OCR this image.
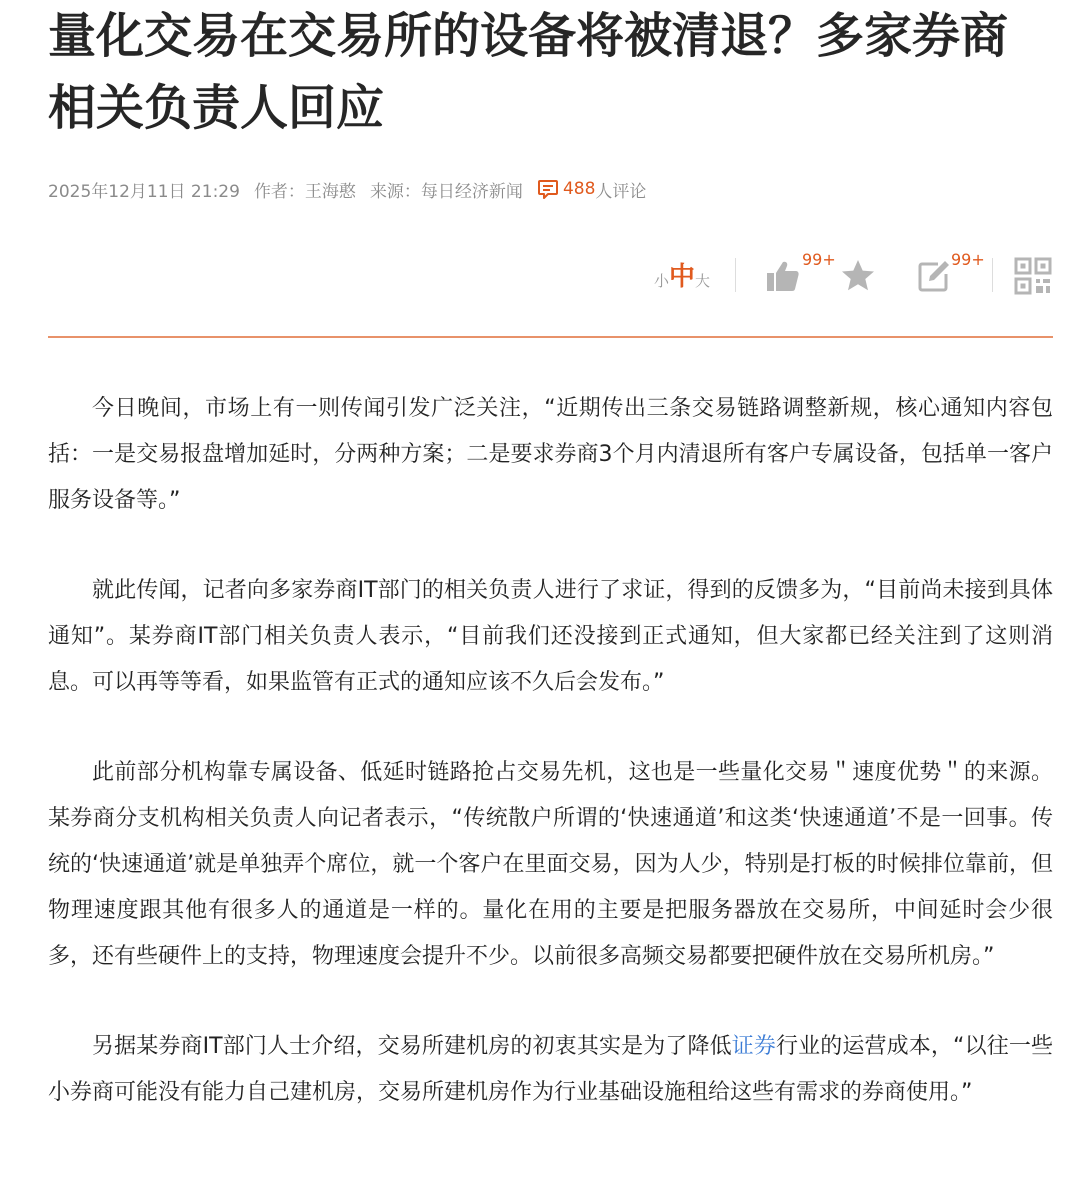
量化交易在交易所的设备将被清退？多家券商相关负责人回应
2025年12月11日 21:29 作者：王海憨 来源：每日经济新闻 488 人评论
小 中 大
99+	99+

今日晚间，市场上有一则传闻引发广泛关注，“近期传出三条交易链路调整新规，核心通知内容包括：一是交易报盘增加延时，分两种方案；二是要求券商3个月内清退所有客户专属设备，包括单一客户服务设备等。”

就此传闻，记者向多家券商IT部门的相关负责人进行了求证，得到的反馈多为，“目前尚未接到具体通知”。某券商IT部门相关负责人表示，“目前我们还没接到正式通知，但大家都已经关注到了这则消息。可以再等等看，如果监管有正式的通知应该不久后会发布。”

此前部分机构靠专属设备、低延时链路抢占交易先机，这也是一些量化交易＂速度优势＂的来源。某券商分支机构相关负责人向记者表示，“传统散户所谓的‘快速通道’和这类‘快速通道’不是一回事。传统的‘快速通道’就是单独弄个席位，就一个客户在里面交易，因为人少，特别是打板的时候排位靠前，但物理速度跟其他有很多人的通道是一样的。量化在用的主要是把服务器放在交易所，中间延时会少很多，还有些硬件上的支持，物理速度会提升不少。以前很多高频交易都要把硬件放在交易所机房。”

另据某券商IT部门人士介绍，交易所建机房的初衷其实是为了降低证券行业的运营成本，“以往一些小券商可能没有能力自己建机房，交易所建机房作为行业基础设施租给这些有需求的券商使用。”
